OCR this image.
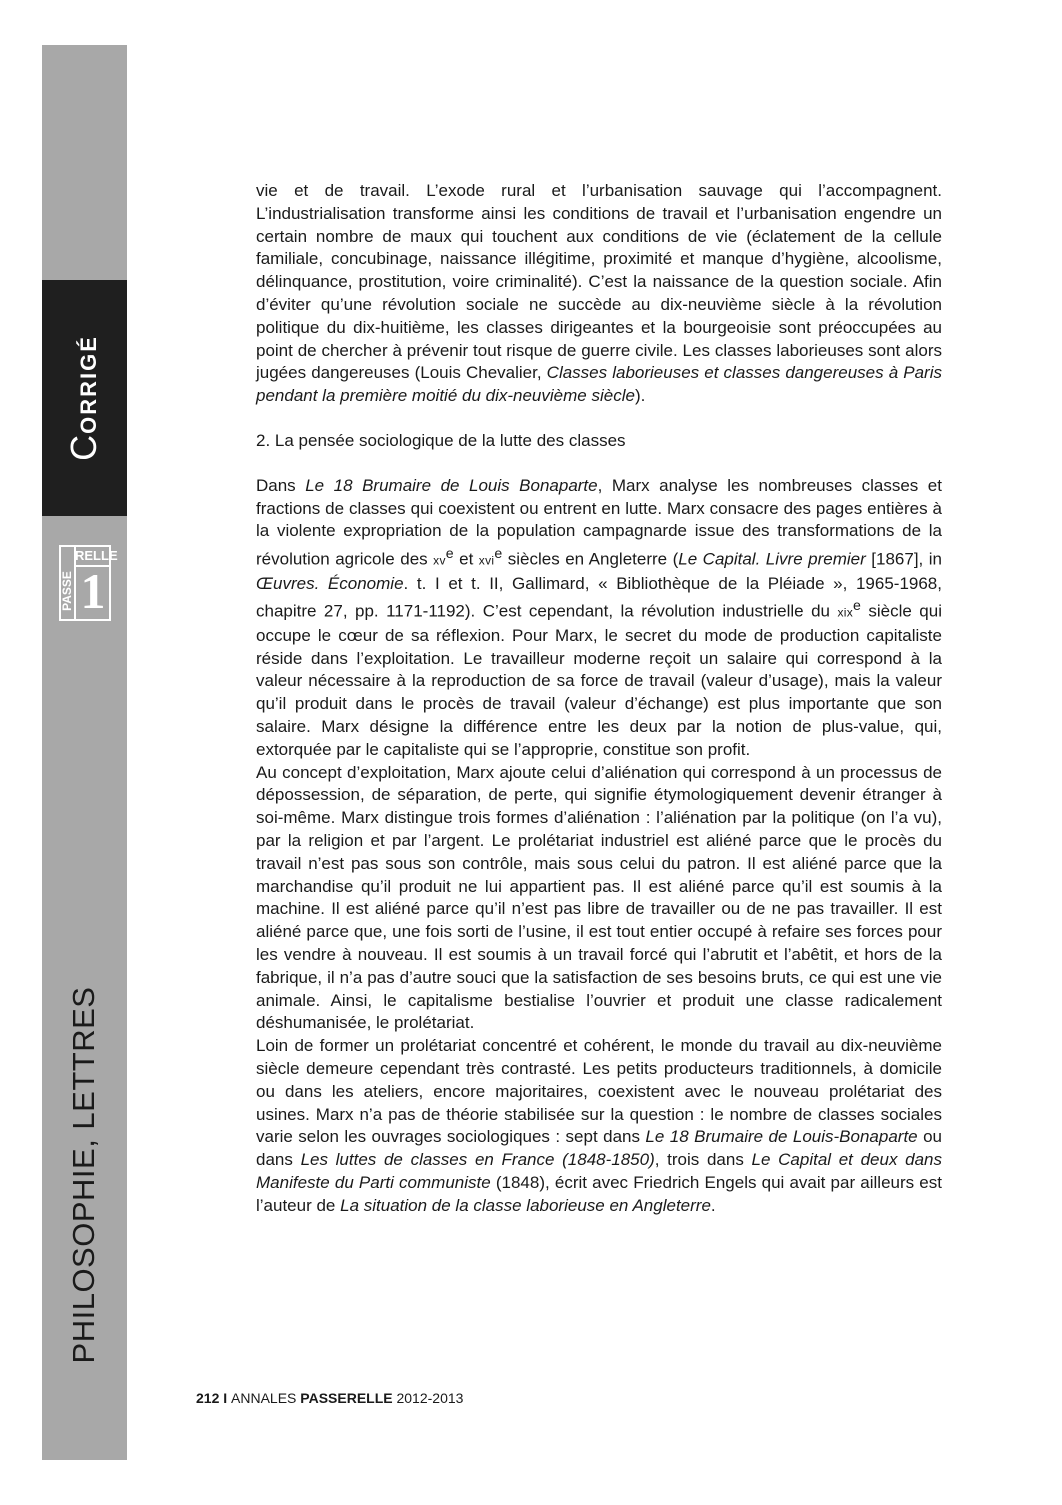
CORRIGÉ
RELLE
PASSE 1
PHILOSOPHIE, LETTRES

vie et de travail. L’exode rural et l’urbanisation sauvage qui l’accompagnent. L’industrialisation transforme ainsi les conditions de travail et l’urbanisation engendre un certain nombre de maux qui touchent aux conditions de vie (éclatement de la cellule familiale, concubinage, naissance illégitime, proximité et manque d’hygiène, alcoolisme, délinquance, prostitution, voire criminalité). C’est la naissance de la question sociale. Afin d’éviter qu’une révolution sociale ne succède au dix-neuvième siècle à la révolution politique du dix-huitième, les classes dirigeantes et la bourgeoisie sont préoccupées au point de chercher à prévenir tout risque de guerre civile. Les classes laborieuses sont alors jugées dangereuses (Louis Chevalier, Classes laborieuses et classes dangereuses à Paris pendant la première moitié du dix-neuvième siècle).

2. La pensée sociologique de la lutte des classes

Dans Le 18 Brumaire de Louis Bonaparte, Marx analyse les nombreuses classes et fractions de classes qui coexistent ou entrent en lutte. Marx consacre des pages entières à la violente expropriation de la population campagnarde issue des transformations de la révolution agricole des $xv^e$ et xvi$^e$ siècles en Angleterre (Le Capital. Livre premier [1867], in Œuvres. Économie. t. I et t. II, Gallimard, « Bibliothèque de la Pléiade », 1965-1968, chapitre 27, pp. 1171-1192). C’est cependant, la révolution industrielle du xix$^e$ siècle qui occupe le cœur de sa réflexion. Pour Marx, le secret du mode de production capitaliste réside dans l’exploitation. Le travailleur moderne reçoit un salaire qui correspond à la valeur nécessaire à la reproduction de sa force de travail (valeur d’usage), mais la valeur qu’il produit dans le procès de travail (valeur d’échange) est plus importante que son salaire. Marx désigne la différence entre les deux par la notion de plus-value, qui, extorquée par le capitaliste qui se l’approprie, constitue son profit.

Au concept d’exploitation, Marx ajoute celui d’aliénation qui correspond à un processus de dépossession, de séparation, de perte, qui signifie étymologiquement devenir étranger à soi-même. Marx distingue trois formes d’aliénation : l’aliénation par la politique (on l’a vu), par la religion et par l’argent. Le prolétariat industriel est aliéné parce que le procès du travail n’est pas sous son contrôle, mais sous celui du patron. Il est aliéné parce que la marchandise qu’il produit ne lui appartient pas. Il est aliéné parce qu’il est soumis à la machine. Il est aliéné parce qu’il n’est pas libre de travailler ou de ne pas travailler. Il est aliéné parce que, une fois sorti de l’usine, il est tout entier occupé à refaire ses forces pour les vendre à nouveau. Il est soumis à un travail forcé qui l’abrutit et l’abêtit, et hors de la fabrique, il n’a pas d’autre souci que la satisfaction de ses besoins bruts, ce qui est une vie animale. Ainsi, le capitalisme bestialise l’ouvrier et produit une classe radicalement déshumanisée, le prolétariat.

Loin de former un prolétariat concentré et cohérent, le monde du travail au dix-neuvième siècle demeure cependant très contrasté. Les petits producteurs traditionnels, à domicile ou dans les ateliers, encore majoritaires, coexistent avec le nouveau prolétariat des usines. Marx n’a pas de théorie stabilisée sur la question : le nombre de classes sociales varie selon les ouvrages sociologiques : sept dans Le 18 Brumaire de Louis-Bonaparte ou dans Les luttes de classes en France (1848-1850), trois dans Le Capital et deux dans Manifeste du Parti communiste (1848), écrit avec Friedrich Engels qui avait par ailleurs est l’auteur de La situation de la classe laborieuse en Angleterre.

212 I ANNALES PASSERELLE 2012-2013
